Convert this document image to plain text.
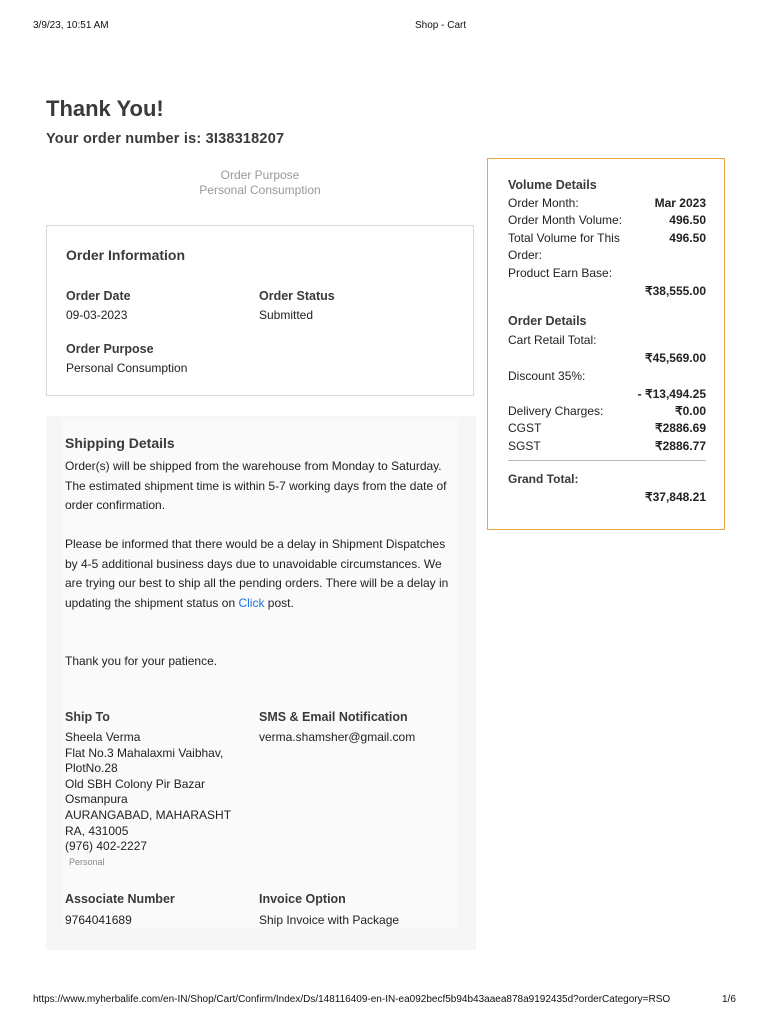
3/9/23, 10:51 AM	Shop - Cart
Thank You!
Your order number is: 3I38318207
Order Purpose
Personal Consumption
Order Information
Order Date
09-03-2023
Order Status
Submitted
Order Purpose
Personal Consumption
Shipping Details
Order(s) will be shipped from the warehouse from Monday to Saturday. The estimated shipment time is within 5-7 working days from the date of order confirmation.
Please be informed that there would be a delay in Shipment Dispatches by 4-5 additional business days due to unavoidable circumstances. We are trying our best to ship all the pending orders. There will be a delay in updating the shipment status on Click post.
Thank you for your patience.
Ship To
Sheela Verma
Flat No.3 Mahalaxmi Vaibhav,
PlotNo.28
Old SBH Colony Pir Bazar
Osmanpura
AURANGABAD, MAHARASHT
RA, 431005
(976) 402-2227
Personal
SMS & Email Notification
verma.shamsher@gmail.com
Associate Number
9764041689
Invoice Option
Ship Invoice with Package
Volume Details
Order Month:	Mar 2023
Order Month Volume:	496.50
Total Volume for This	496.50
Order:
Product Earn Base:
₹38,555.00
Order Details
Cart Retail Total:
₹45,569.00
Discount 35%:
- ₹13,494.25
Delivery Charges:	₹0.00
CGST	₹2886.69
SGST	₹2886.77
Grand Total:
₹37,848.21
https://www.myherbalife.com/en-IN/Shop/Cart/Confirm/Index/Ds/148116409-en-IN-ea092becf5b94b43aaea878a9192435d?orderCategory=RSO	1/6
